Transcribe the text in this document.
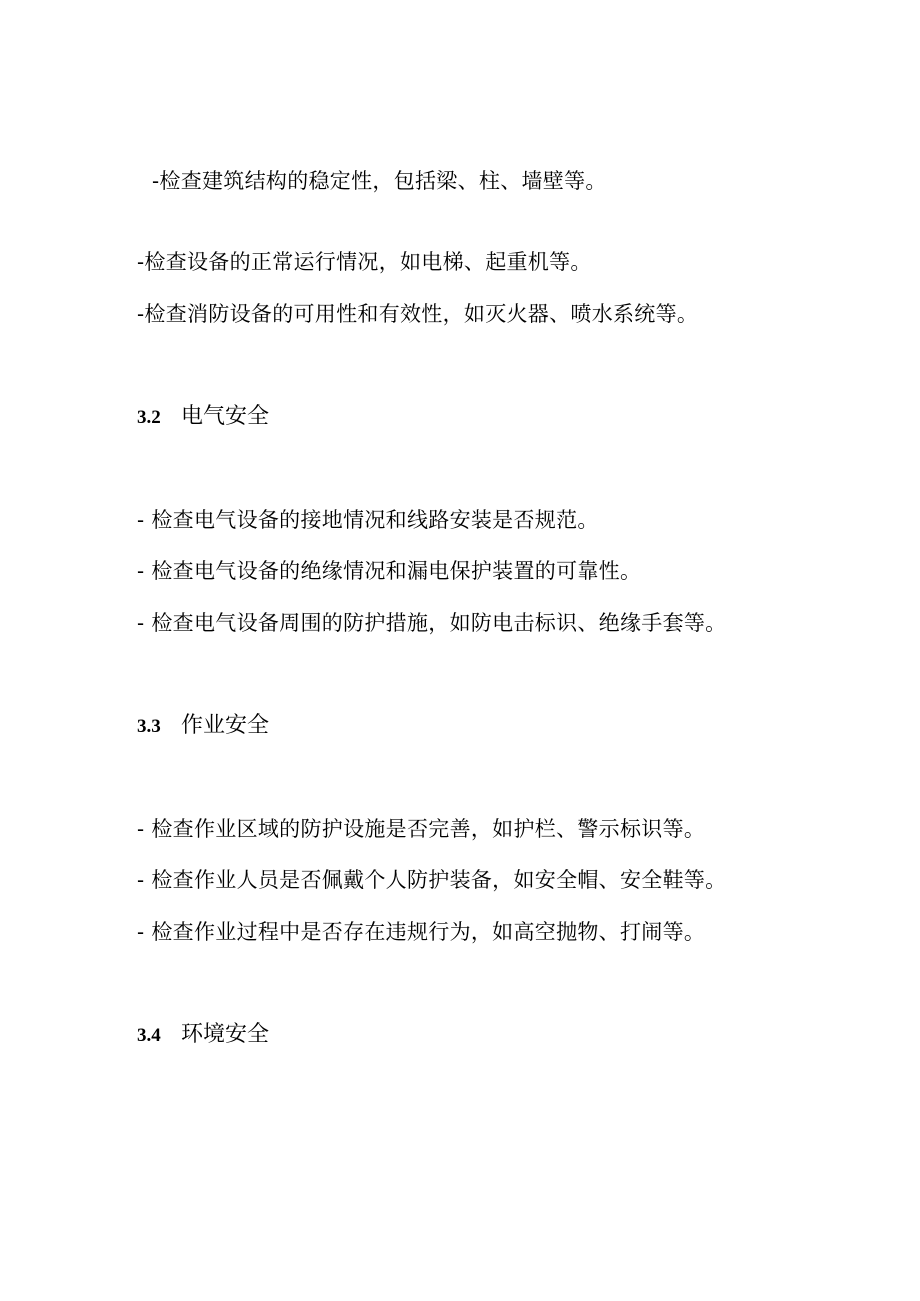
-检查建筑结构的稳定性，包括梁、柱、墙壁等。
-检查设备的正常运行情况，如电梯、起重机等。
-检查消防设备的可用性和有效性，如灭火器、喷水系统等。
3.2 电气安全
- 检查电气设备的接地情况和线路安装是否规范。
- 检查电气设备的绝缘情况和漏电保护装置的可靠性。
- 检查电气设备周围的防护措施，如防电击标识、绝缘手套等。
3.3 作业安全
- 检查作业区域的防护设施是否完善，如护栏、警示标识等。
- 检查作业人员是否佩戴个人防护装备，如安全帽、安全鞋等。
- 检查作业过程中是否存在违规行为，如高空抛物、打闹等。
3.4 环境安全
